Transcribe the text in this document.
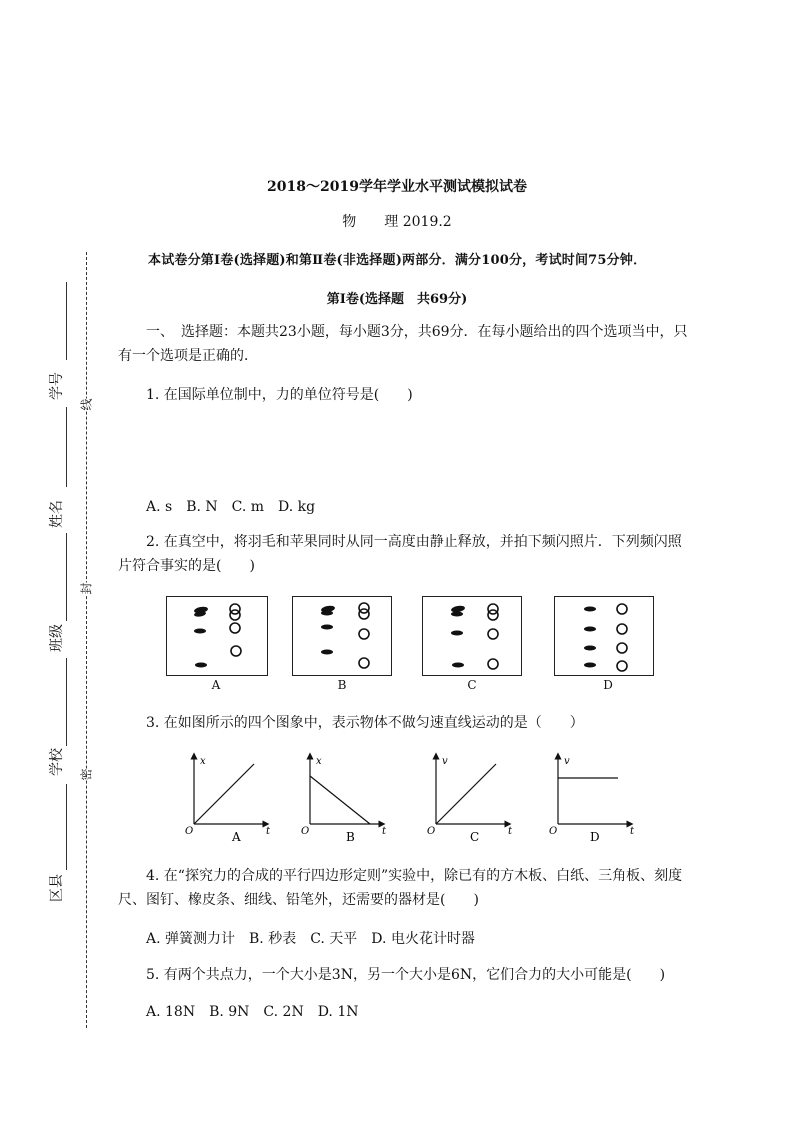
学号
姓名
班级
学校
区县
线
封
密
2018～2019学年学业水平测试模拟试卷
物　　理 2019.2
本试卷分第Ⅰ卷(选择题)和第Ⅱ卷(非选择题)两部分．满分100分，考试时间75分钟．
第Ⅰ卷(选择题　共69分)
一、　选择题：本题共23小题，每小题3分，共69分．在每小题给出的四个选项当中，只有一个选项是正确的．
1. 在国际单位制中，力的单位符号是(　　)
A. s　B. N　C. m　D. kg
2. 在真空中，将羽毛和苹果同时从同一高度由静止释放，并拍下频闪照片．下列频闪照片符合事实的是(　　)
A	B	C	D
3. 在如图所示的四个图象中，表示物体不做匀速直线运动的是（　　）
x
t
O	A
x
t
O	B
v
t
O	C
v
t
O	D
4. 在“探究力的合成的平行四边形定则”实验中，除已有的方木板、白纸、三角板、刻度尺、图钉、橡皮条、细线、铅笔外，还需要的器材是(　　)
A. 弹簧测力计　B. 秒表　C. 天平　D. 电火花计时器
5. 有两个共点力，一个大小是3N，另一个大小是6N，它们合力的大小可能是(　　)
A. 18N　B. 9N　C. 2N　D. 1N
